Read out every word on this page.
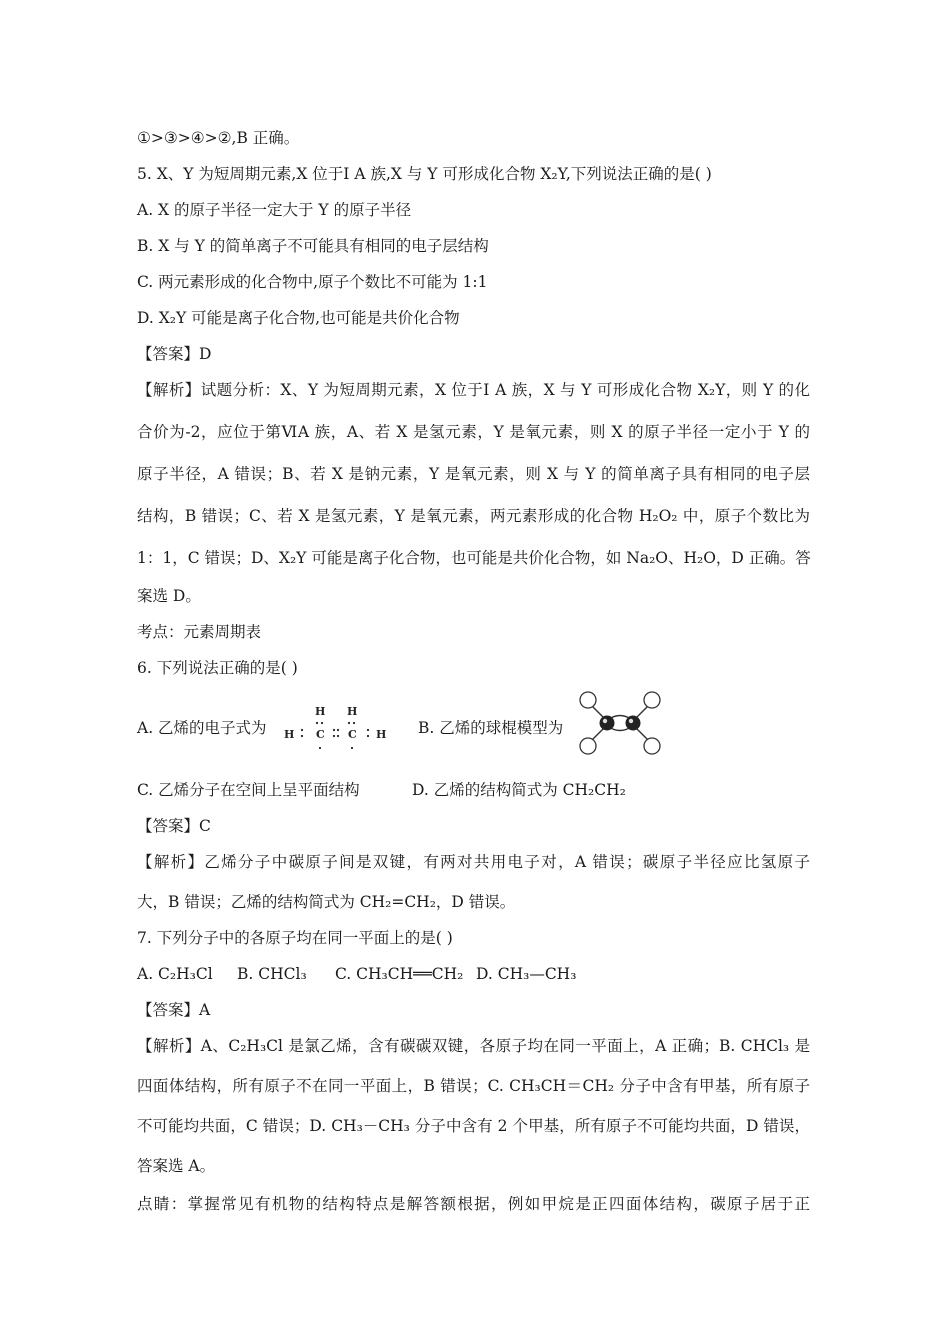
①>③>④>②,B 正确。
5. X、Y 为短周期元素,X 位于Ⅰ A 族,X 与 Y 可形成化合物 X₂Y,下列说法正确的是( )
A. X 的原子半径一定大于 Y 的原子半径
B. X 与 Y 的简单离子不可能具有相同的电子层结构
C. 两元素形成的化合物中,原子个数比不可能为 1:1
D. X₂Y 可能是离子化合物,也可能是共价化合物
【答案】D
【解析】试题分析：X、Y 为短周期元素，X 位于Ⅰ A 族，X 与 Y 可形成化合物 X₂Y，则 Y 的化
合价为-2，应位于第ⅥA 族，A、若 X 是氢元素，Y 是氧元素，则 X 的原子半径一定小于 Y 的
原子半径，A 错误；B、若 X 是钠元素，Y 是氧元素，则 X 与 Y 的简单离子具有相同的电子层
结构，B 错误；C、若 X 是氢元素，Y 是氧元素，两元素形成的化合物 H₂O₂ 中，原子个数比为
1：1，C 错误；D、X₂Y 可能是离子化合物，也可能是共价化合物，如 Na₂O、H₂O，D 正确。答
案选 D。
考点：元素周期表
6. 下列说法正确的是( )
A. 乙烯的电子式为
H H
H C C H B. 乙烯的球棍模型为
C. 乙烯分子在空间上呈平面结构	D. 乙烯的结构简式为 CH₂CH₂
【答案】C
【解析】乙烯分子中碳原子间是双键，有两对共用电子对，A 错误；碳原子半径应比氢原子
大，B 错误；乙烯的结构简式为 CH₂=CH₂，D 错误。
7. 下列分子中的各原子均在同一平面上的是( )
A. C₂H₃Cl B. CHCl₃ C. CH₃CH══CH₂ D. CH₃—CH₃
【答案】A
【解析】A、C₂H₃Cl 是氯乙烯，含有碳碳双键，各原子均在同一平面上，A 正确；B. CHCl₃ 是
四面体结构，所有原子不在同一平面上，B 错误；C. CH₃CH＝CH₂ 分子中含有甲基，所有原子
不可能均共面，C 错误；D. CH₃－CH₃ 分子中含有 2 个甲基，所有原子不可能均共面，D 错误，
答案选 A。
点睛：掌握常见有机物的结构特点是解答额根据，例如甲烷是正四面体结构，碳原子居于正
